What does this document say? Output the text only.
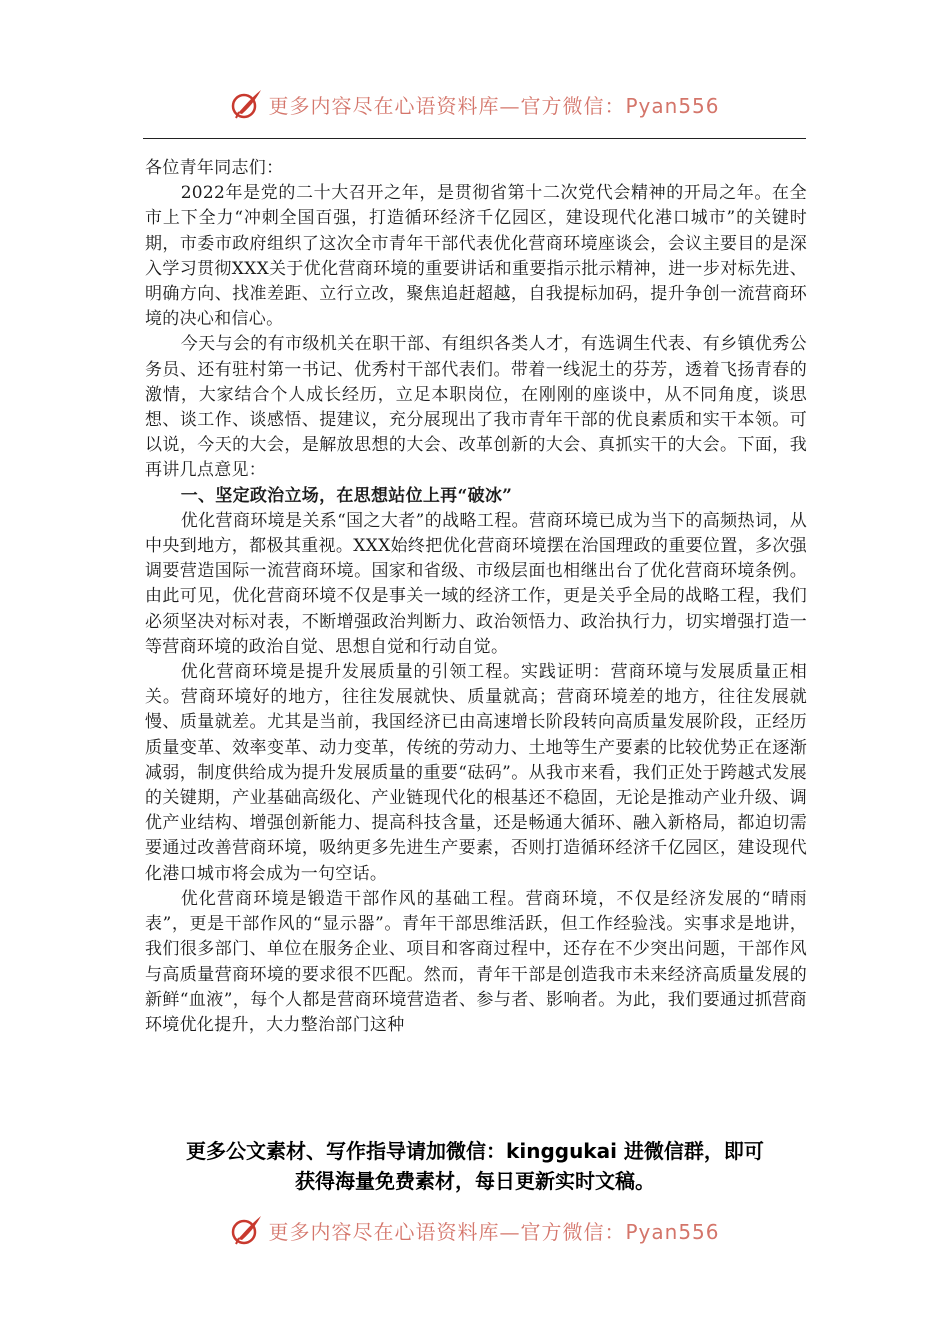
更多内容尽在心语资料库—官方微信：Pyan556

各位青年同志们：

2022年是党的二十大召开之年，是贯彻省第十二次党代会精神的开局之年。在全市上下全力“冲刺全国百强，打造循环经济千亿园区，建设现代化港口城市”的关键时期，市委市政府组织了这次全市青年干部代表优化营商环境座谈会，会议主要目的是深入学习贯彻XXX关于优化营商环境的重要讲话和重要指示批示精神，进一步对标先进、明确方向、找准差距、立行立改，聚焦追赶超越，自我提标加码，提升争创一流营商环境的决心和信心。

今天与会的有市级机关在职干部、有组织各类人才，有选调生代表、有乡镇优秀公务员、还有驻村第一书记、优秀村干部代表们。带着一线泥土的芬芳，透着飞扬青春的激情，大家结合个人成长经历，立足本职岗位，在刚刚的座谈中，从不同角度，谈思想、谈工作、谈感悟、提建议，充分展现出了我市青年干部的优良素质和实干本领。可以说，今天的大会，是解放思想的大会、改革创新的大会、真抓实干的大会。下面，我再讲几点意见：

一、坚定政治立场，在思想站位上再“破冰”

优化营商环境是关系“国之大者”的战略工程。营商环境已成为当下的高频热词，从中央到地方，都极其重视。XXX始终把优化营商环境摆在治国理政的重要位置，多次强调要营造国际一流营商环境。国家和省级、市级层面也相继出台了优化营商环境条例。由此可见，优化营商环境不仅是事关一域的经济工作，更是关乎全局的战略工程，我们必须坚决对标对表，不断增强政治判断力、政治领悟力、政治执行力，切实增强打造一等营商环境的政治自觉、思想自觉和行动自觉。

优化营商环境是提升发展质量的引领工程。实践证明：营商环境与发展质量正相关。营商环境好的地方，往往发展就快、质量就高；营商环境差的地方，往往发展就慢、质量就差。尤其是当前，我国经济已由高速增长阶段转向高质量发展阶段，正经历质量变革、效率变革、动力变革，传统的劳动力、土地等生产要素的比较优势正在逐渐减弱，制度供给成为提升发展质量的重要“砝码”。从我市来看，我们正处于跨越式发展的关键期，产业基础高级化、产业链现代化的根基还不稳固，无论是推动产业升级、调优产业结构、增强创新能力、提高科技含量，还是畅通大循环、融入新格局，都迫切需要通过改善营商环境，吸纳更多先进生产要素，否则打造循环经济千亿园区，建设现代化港口城市将会成为一句空话。

优化营商环境是锻造干部作风的基础工程。营商环境，不仅是经济发展的“晴雨表”，更是干部作风的“显示器”。青年干部思维活跃，但工作经验浅。实事求是地讲，我们很多部门、单位在服务企业、项目和客商过程中，还存在不少突出问题，干部作风与高质量营商环境的要求很不匹配。然而，青年干部是创造我市未来经济高质量发展的新鲜“血液”，每个人都是营商环境营造者、参与者、影响者。为此，我们要通过抓营商环境优化提升，大力整治部门这种

更多公文素材、写作指导请加微信：kinggukai 进微信群，即可
获得海量免费素材，每日更新实时文稿。
更多内容尽在心语资料库—官方微信：Pyan556
